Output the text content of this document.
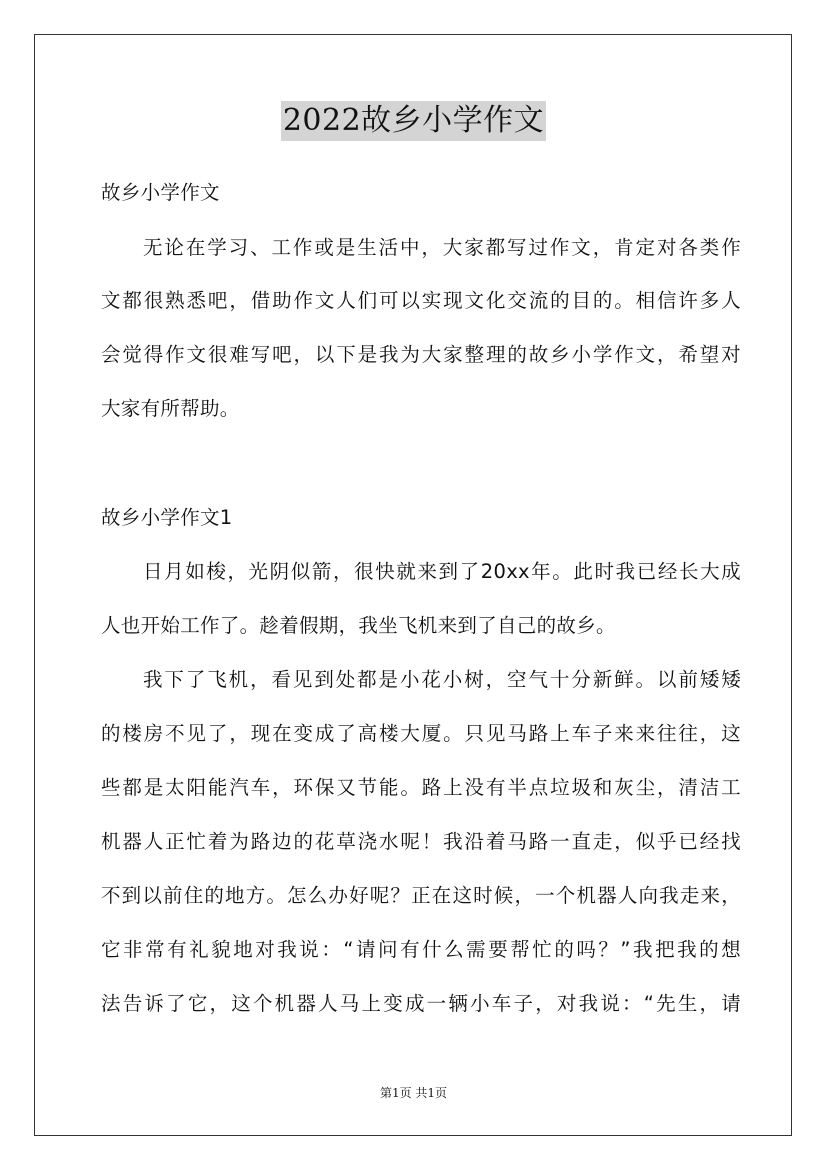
2022故乡小学作文
故乡小学作文
无论在学习、工作或是生活中，大家都写过作文，肯定对各类作
文都很熟悉吧，借助作文人们可以实现文化交流的目的。相信许多人
会觉得作文很难写吧，以下是我为大家整理的故乡小学作文，希望对
大家有所帮助。
故乡小学作文1
日月如梭，光阴似箭，很快就来到了20xx年。此时我已经长大成
人也开始工作了。趁着假期，我坐飞机来到了自己的故乡。
我下了飞机，看见到处都是小花小树，空气十分新鲜。以前矮矮
的楼房不见了，现在变成了高楼大厦。只见马路上车子来来往往，这
些都是太阳能汽车，环保又节能。路上没有半点垃圾和灰尘，清洁工
机器人正忙着为路边的花草浇水呢！我沿着马路一直走，似乎已经找
不到以前住的地方。怎么办好呢？正在这时候，一个机器人向我走来，
它非常有礼貌地对我说：“请问有什么需要帮忙的吗？”我把我的想
法告诉了它，这个机器人马上变成一辆小车子，对我说：“先生，请
第1页 共1页
